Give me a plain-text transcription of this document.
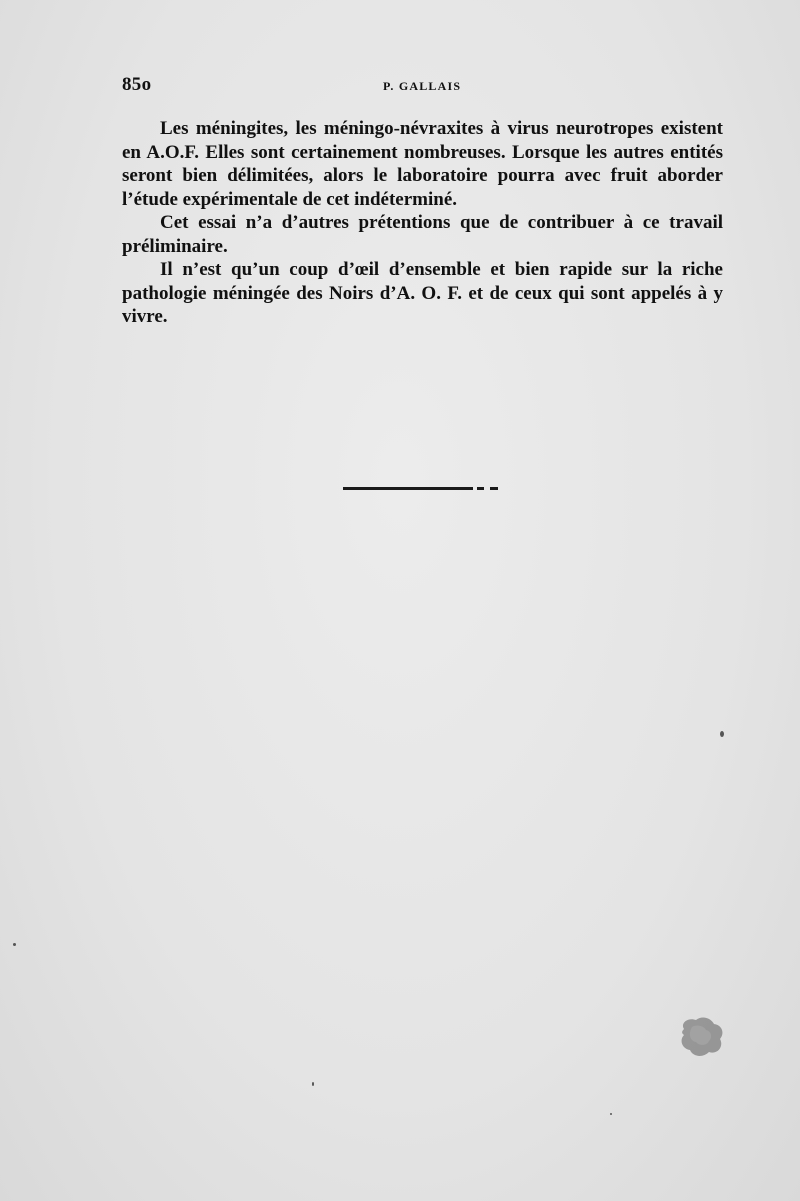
85o	P. GALLAIS

Les méningites, les méningo-névraxites à virus neurotropes existent en A.O.F. Elles sont certainement nombreuses. Lorsque les autres entités seront bien délimitées, alors le laboratoire pourra avec fruit aborder l’étude expérimentale de cet indéterminé.

Cet essai n’a d’autres prétentions que de contribuer à ce travail préliminaire.

Il n’est qu’un coup d’œil d’ensemble et bien rapide sur la riche pathologie méningée des Noirs d’A. O. F. et de ceux qui sont appelés à y vivre.
